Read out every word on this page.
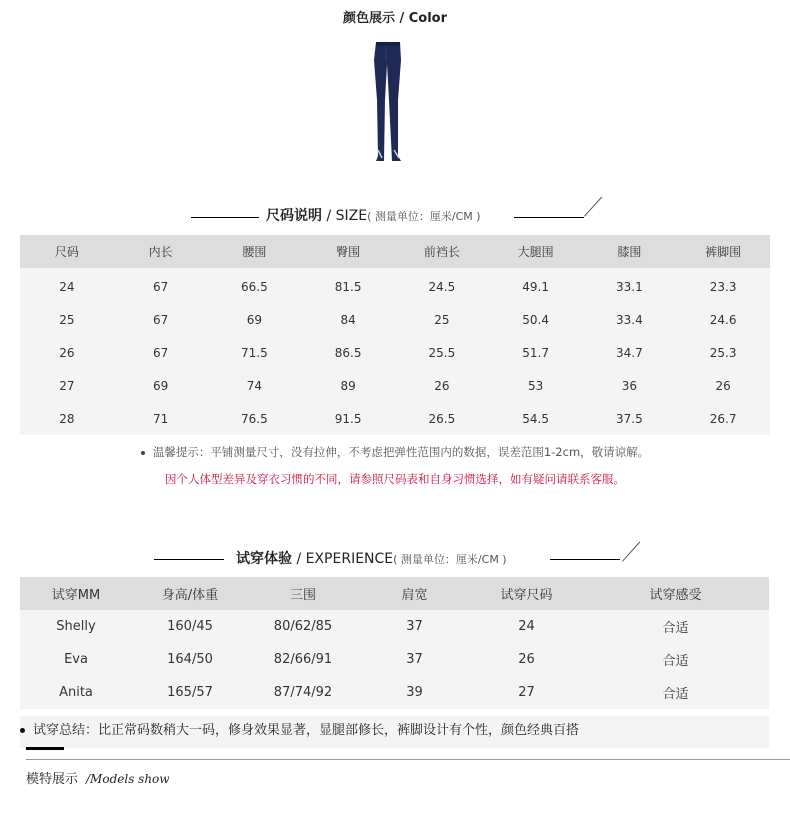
颜色展示 / Color
尺码说明 / SIZE( 测量单位：厘米/CM )
尺码	内长	腰围	臀围	前裆长	大腿围	膝围	裤脚围
24	67	66.5	81.5	24.5	49.1	33.1	23.3
25	67	69	84	25	50.4	33.4	24.6
26	67	71.5	86.5	25.5	51.7	34.7	25.3
27	69	74	89	26	53	36	26
28	71	76.5	91.5	26.5	54.5	37.5	26.7
温馨提示：平铺测量尺寸，没有拉伸，不考虑把弹性范围内的数据，误差范围1-2cm，敬请谅解。
因个人体型差异及穿衣习惯的不同，请参照尺码表和自身习惯选择，如有疑问请联系客服。
试穿体验 / EXPERIENCE( 测量单位：厘米/CM )
试穿MM	身高/体重	三围	肩宽	试穿尺码	试穿感受
Shelly	160/45	80/62/85	37	24	合适
Eva	164/50	82/66/91	37	26	合适
Anita	165/57	87/74/92	39	27	合适
试穿总结：比正常码数稍大一码，修身效果显著，显腿部修长，裤脚设计有个性，颜色经典百搭
模特展示 /Models show
